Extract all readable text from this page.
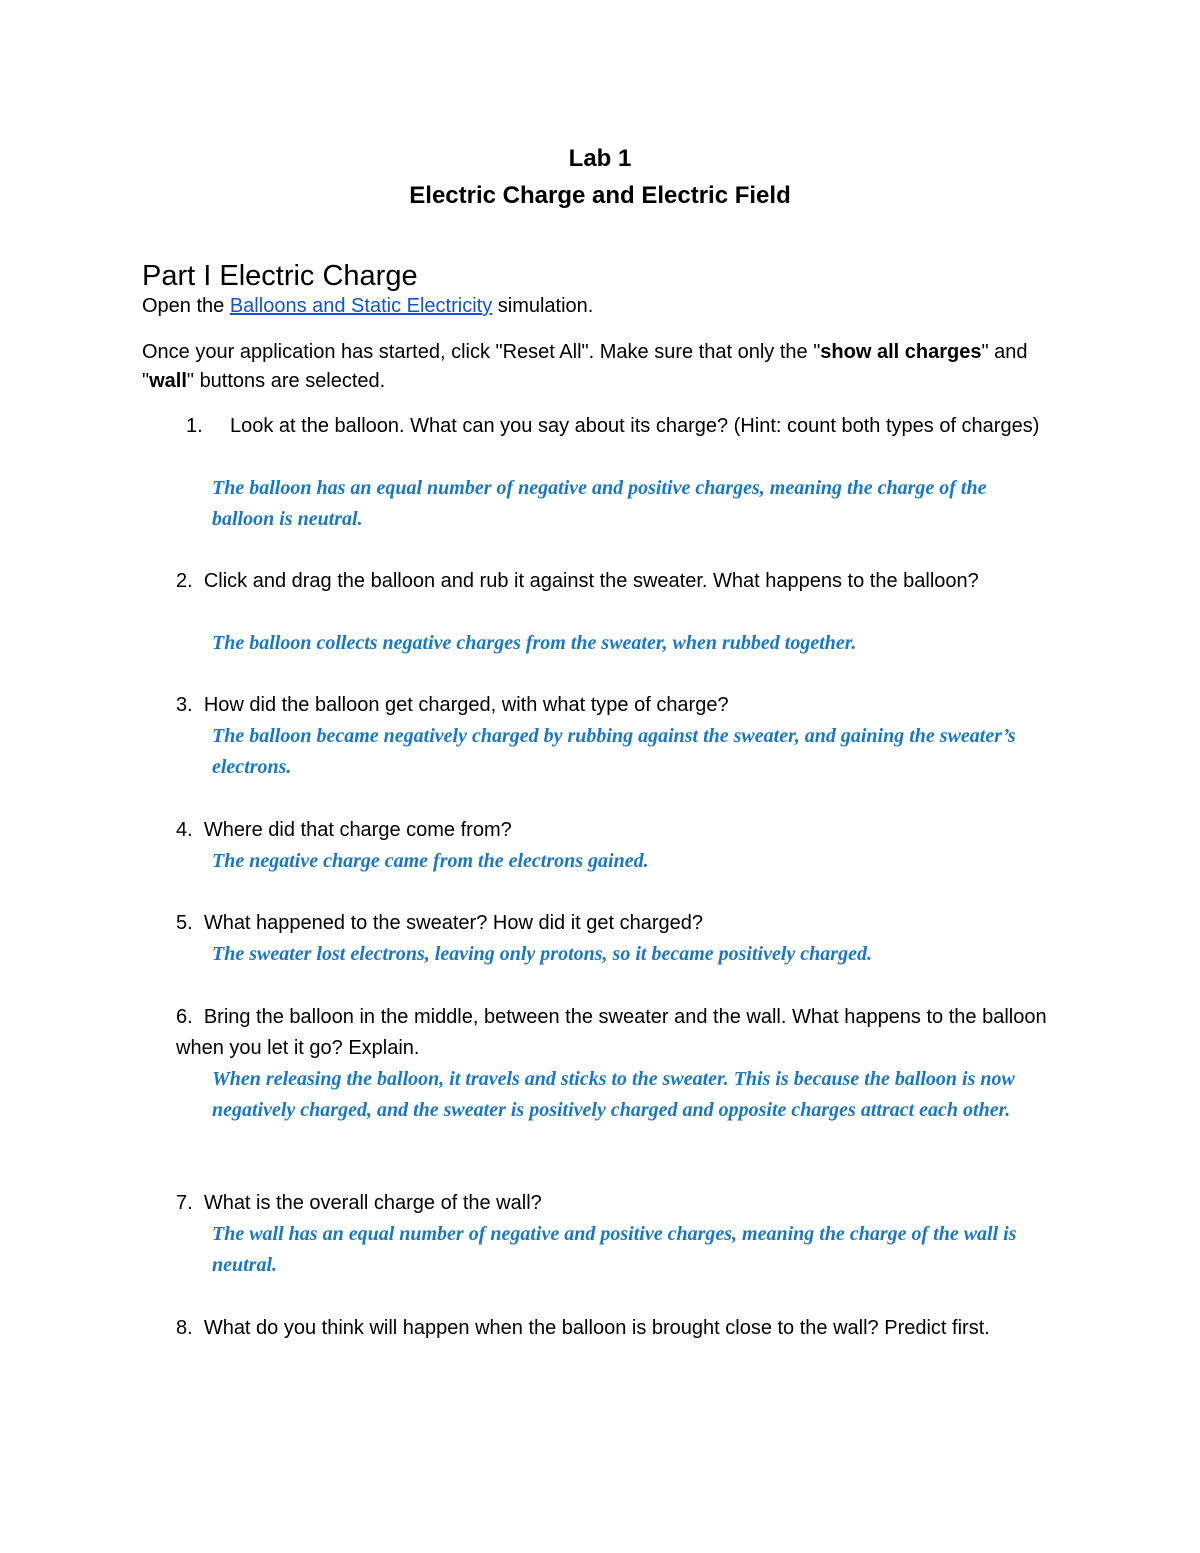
Lab 1
Electric Charge and Electric Field
Part I Electric Charge
Open the Balloons and Static Electricity simulation.
Once your application has started, click "Reset All". Make sure that only the "show all charges" and "wall" buttons are selected.
1.	Look at the balloon. What can you say about its charge? (Hint: count both types of charges)
The balloon has an equal number of negative and positive charges, meaning the charge of the balloon is neutral.
2. Click and drag the balloon and rub it against the sweater. What happens to the balloon?
The balloon collects negative charges from the sweater, when rubbed together.
3. How did the balloon get charged, with what type of charge?
The balloon became negatively charged by rubbing against the sweater, and gaining the sweater’s electrons.
4. Where did that charge come from?
The negative charge came from the electrons gained.
5. What happened to the sweater? How did it get charged?
The sweater lost electrons, leaving only protons, so it became positively charged.
6. Bring the balloon in the middle, between the sweater and the wall. What happens to the balloon when you let it go? Explain.
When releasing the balloon, it travels and sticks to the sweater. This is because the balloon is now negatively charged, and the sweater is positively charged and opposite charges attract each other.
7. What is the overall charge of the wall?
The wall has an equal number of negative and positive charges, meaning the charge of the wall is neutral.
8. What do you think will happen when the balloon is brought close to the wall? Predict first.
